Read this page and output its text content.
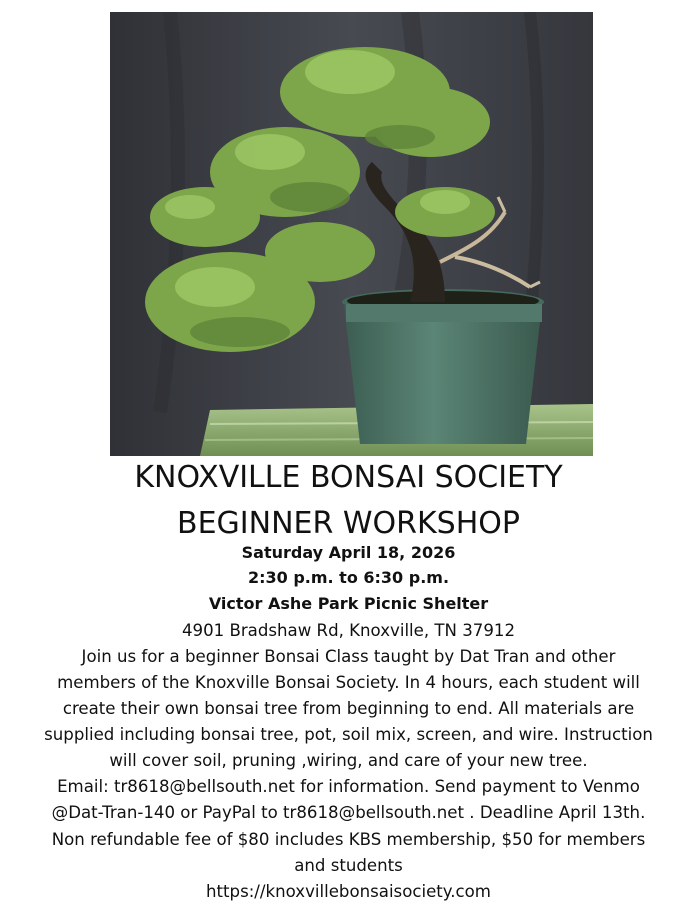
KNOXVILLE BONSAI SOCIETY
BEGINNER WORKSHOP

Saturday April 18, 2026

2:30 p.m. to 6:30 p.m.

Victor Ashe Park Picnic Shelter

4901 Bradshaw Rd, Knoxville, TN 37912

Join us for a beginner Bonsai Class taught by Dat Tran and other

members of the Knoxville Bonsai Society. In 4 hours, each student will

create their own bonsai tree from beginning to end. All materials are

supplied including bonsai tree, pot, soil mix, screen, and wire. Instruction

will cover soil, pruning ,wiring, and care of your new tree.

Email: tr8618@bellsouth.net for information. Send payment to Venmo

@Dat-Tran-140 or PayPal to tr8618@bellsouth.net . Deadline April 13th.

Non refundable fee of $80 includes KBS membership, $50 for members

and students

https://knoxvillebonsaisociety.com
